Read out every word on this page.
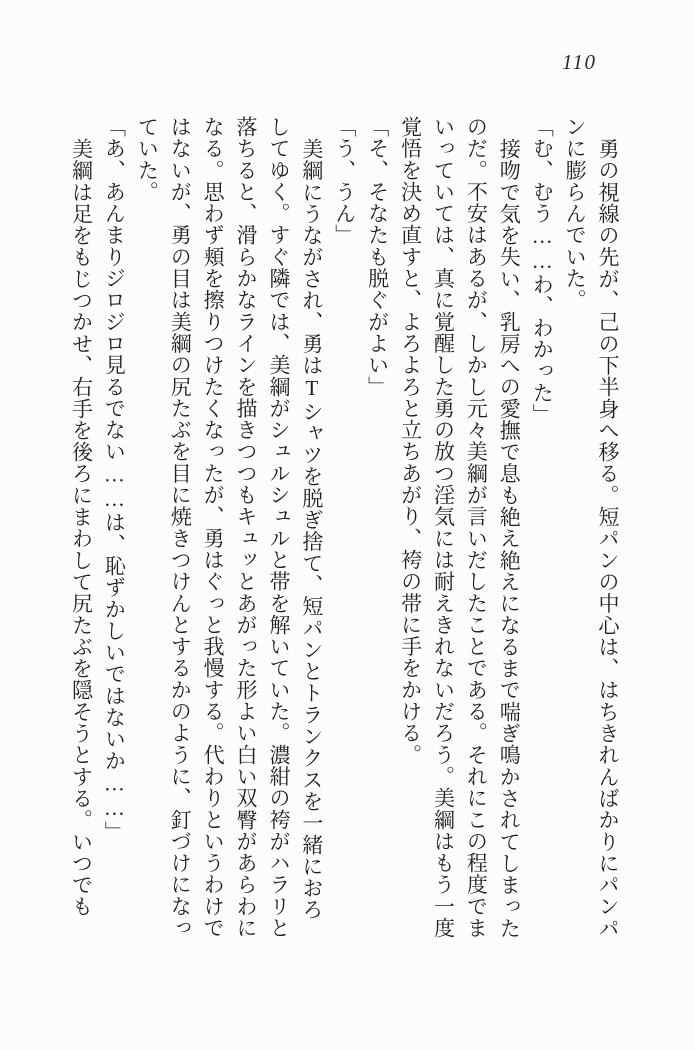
110

勇の視線の先が、己の下半身へ移る。短パンの中心は、はちきれんばかりにパンパンに膨らんでいた。

「む、むう……わ、わかった」

接吻で気を失い、乳房への愛撫で息も絶え絶えになるまで喘ぎ鳴かされてしまったのだ。不安はあるが、しかし元々美綱が言いだしたことである。それにこの程度でまいっていては、真に覚醒した勇の放つ淫気には耐えきれないだろう。美綱はもう一度覚悟を決め直すと、よろよろと立ちあがり、袴の帯に手をかける。

「そ、そなたも脱ぐがよい」

「う、うん」

美綱にうながされ、勇はTシャツを脱ぎ捨て、短パンとトランクスを一緒におろしてゆく。すぐ隣では、美綱がシュルシュルと帯を解いていた。濃紺の袴がハラリと落ちると、滑らかなラインを描きつつもキュッとあがった形よい白い双臀があらわになる。思わず頬を擦りつけたくなったが、勇はぐっと我慢する。代わりというわけではないが、勇の目は美綱の尻たぶを目に焼きつけんとするかのように、釘づけになっていた。

「あ、あんまりジロジロ見るでない……は、恥ずかしいではないか……」

美綱は足をもじつかせ、右手を後ろにまわして尻たぶを隠そうとする。いつでも
